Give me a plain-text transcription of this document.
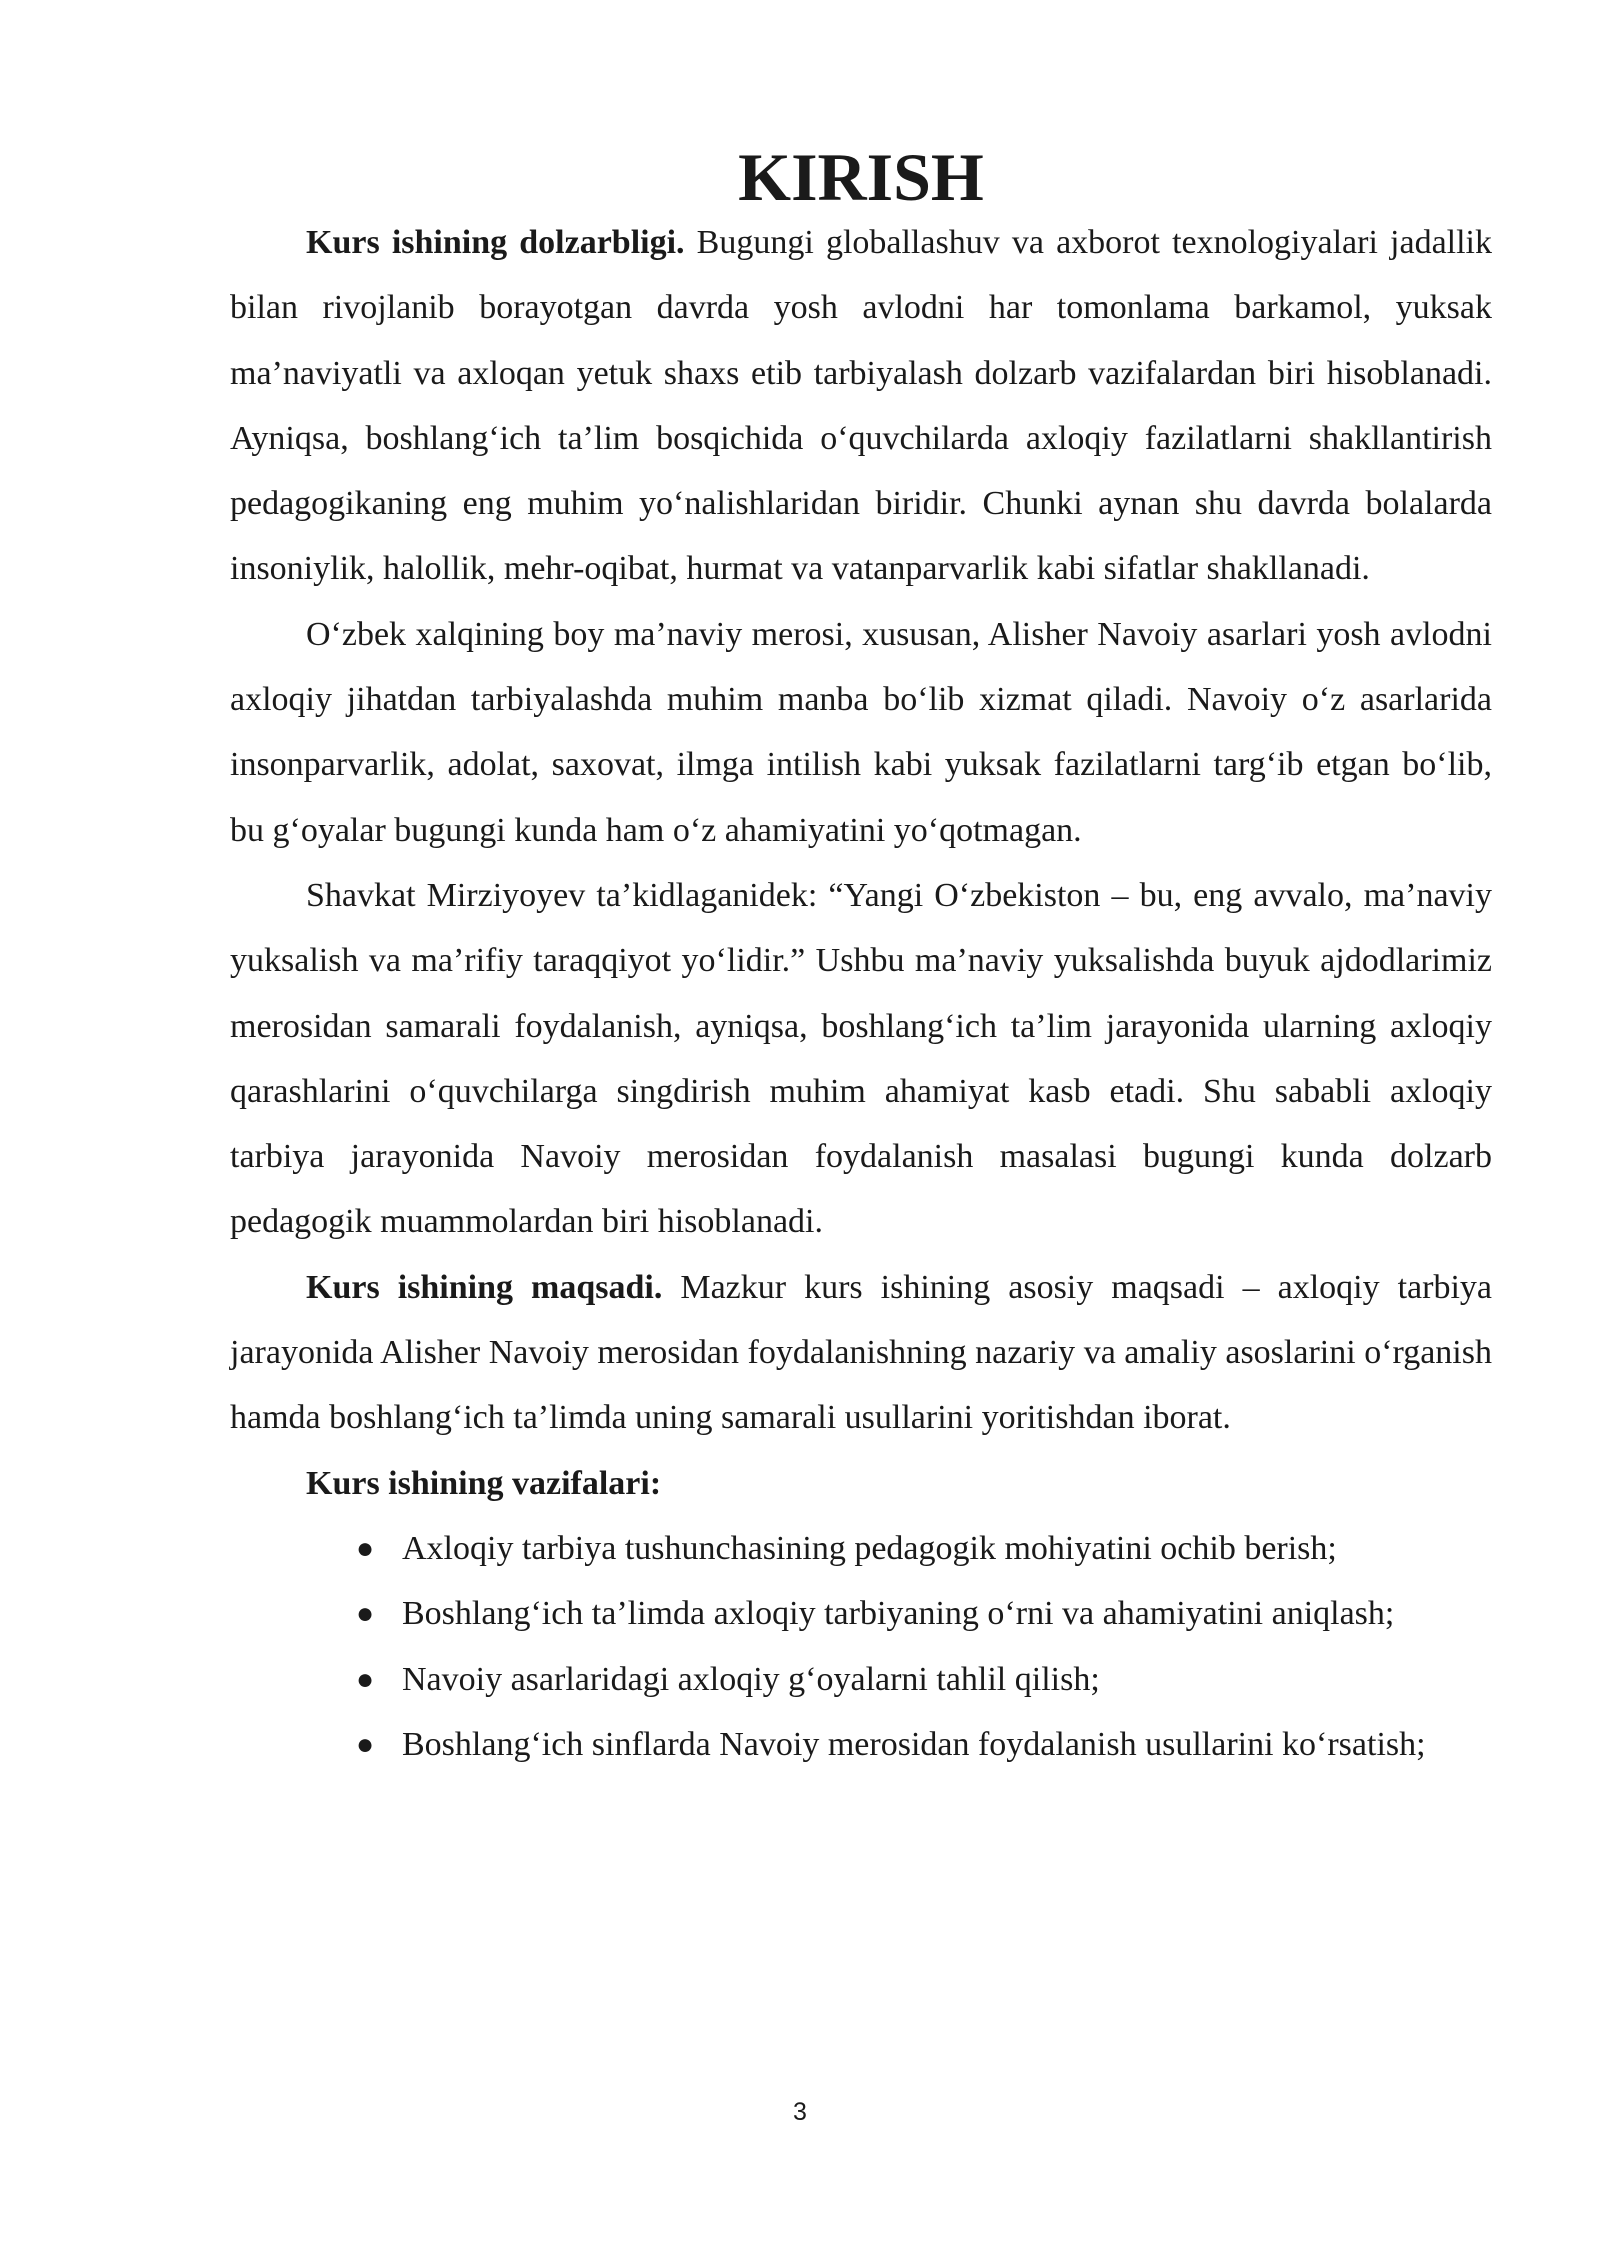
KIRISH

Kurs ishining dolzarbligi. Bugungi globallashuv va axborot texnologiyalari jadallik bilan rivojlanib borayotgan davrda yosh avlodni har tomonlama barkamol, yuksak ma’naviyatli va axloqan yetuk shaxs etib tarbiyalash dolzarb vazifalardan biri hisoblanadi. Ayniqsa, boshlang‘ich ta’lim bosqichida o‘quvchilarda axloqiy fazilatlarni shakllantirish pedagogikaning eng muhim yo‘nalishlaridan biridir. Chunki aynan shu davrda bolalarda insoniylik, halollik, mehr-oqibat, hurmat va vatanparvarlik kabi sifatlar shakllanadi.

O‘zbek xalqining boy ma’naviy merosi, xususan, Alisher Navoiy asarlari yosh avlodni axloqiy jihatdan tarbiyalashda muhim manba bo‘lib xizmat qiladi. Navoiy o‘z asarlarida insonparvarlik, adolat, saxovat, ilmga intilish kabi yuksak fazilatlarni targ‘ib etgan bo‘lib, bu g‘oyalar bugungi kunda ham o‘z ahamiyatini yo‘qotmagan.

Shavkat Mirziyoyev ta’kidlaganidek: “Yangi O‘zbekiston – bu, eng avvalo, ma’naviy yuksalish va ma’rifiy taraqqiyot yo‘lidir.” Ushbu ma’naviy yuksalishda buyuk ajdodlarimiz merosidan samarali foydalanish, ayniqsa, boshlang‘ich ta’lim jarayonida ularning axloqiy qarashlarini o‘quvchilarga singdirish muhim ahamiyat kasb etadi. Shu sababli axloqiy tarbiya jarayonida Navoiy merosidan foydalanish masalasi bugungi kunda dolzarb pedagogik muammolardan biri hisoblanadi.

Kurs ishining maqsadi. Mazkur kurs ishining asosiy maqsadi – axloqiy tarbiya jarayonida Alisher Navoiy merosidan foydalanishning nazariy va amaliy asoslarini o‘rganish hamda boshlang‘ich ta’limda uning samarali usullarini yoritishdan iborat.

Kurs ishining vazifalari:

● Axloqiy tarbiya tushunchasining pedagogik mohiyatini ochib berish;
● Boshlang‘ich ta’limda axloqiy tarbiyaning o‘rni va ahamiyatini aniqlash;
● Navoiy asarlaridagi axloqiy g‘oyalarni tahlil qilish;
● Boshlang‘ich sinflarda Navoiy merosidan foydalanish usullarini ko‘rsatish;
3
